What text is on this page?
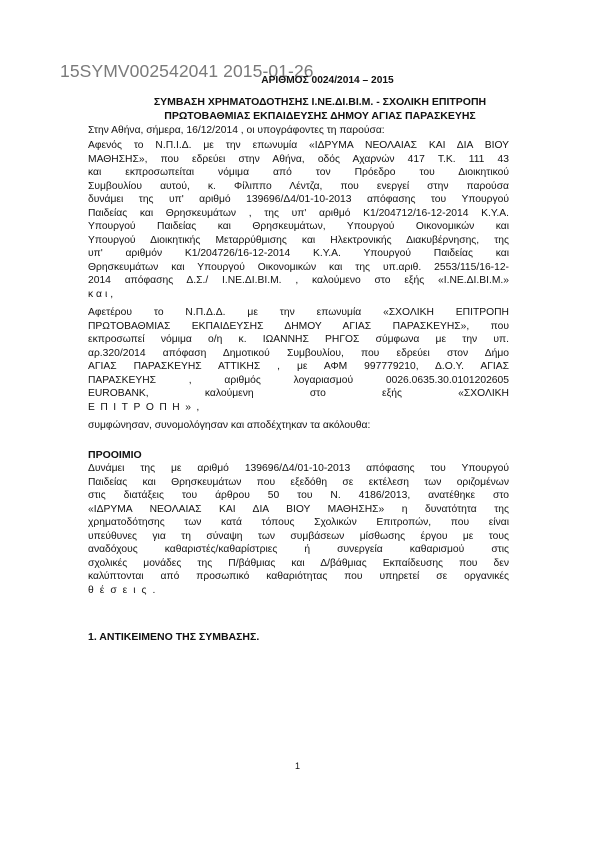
15SYMV002542041 2015-01-26
ΑΡΙΘΜΟΣ 0024/2014 – 2015
ΣΥΜΒΑΣΗ ΧΡΗΜΑΤΟΔΟΤΗΣΗΣ Ι.ΝΕ.ΔΙ.ΒΙ.Μ. - ΣΧΟΛΙΚΗ ΕΠΙΤΡΟΠΗ
ΠΡΩΤΟΒΑΘΜΙΑΣ ΕΚΠΑΙΔΕΥΣΗΣ ΔΗΜΟΥ ΑΓΙΑΣ ΠΑΡΑΣΚΕΥΗΣ
Στην Αθήνα, σήμερα, 16/12/2014 , οι υπογράφοντες τη παρούσα:
Αφενός το Ν.Π.Ι.Δ. με την επωνυμία «ΙΔΡΥΜΑ ΝΕΟΛΑΙΑΣ ΚΑΙ ΔΙΑ ΒΙΟΥ
ΜΑΘΗΣΗΣ», που εδρεύει στην Αθήνα, οδός Αχαρνών 417 Τ.Κ. 111 43
και εκπροσωπείται νόμιμα από τον Πρόεδρο του Διοικητικού
Συμβουλίου αυτού, κ. Φίλιππο Λέντζα, που ενεργεί στην παρούσα
δυνάμει της υπ' αριθμό 139696/Δ4/01-10-2013 απόφασης του Υπουργού
Παιδείας και Θρησκευμάτων , της υπ' αριθμό Κ1/204712/16-12-2014 Κ.Υ.Α.
Υπουργού Παιδείας και Θρησκευμάτων, Υπουργού Οικονομικών και
Υπουργού Διοικητικής Μεταρρύθμισης και Ηλεκτρονικής Διακυβέρνησης, της
υπ' αριθμόν Κ1/204726/16-12-2014 Κ.Υ.Α. Υπουργού Παιδείας και
Θρησκευμάτων και Υπουργού Οικονομικών και της υπ.αριθ. 2553/115/16-12-
2014 απόφασης Δ.Σ./ Ι.ΝΕ.ΔΙ.ΒΙ.Μ. , καλούμενο στο εξής «Ι.ΝΕ.ΔΙ.ΒΙ.Μ.»
και,
Αφετέρου το Ν.Π.Δ.Δ. με την επωνυμία «ΣΧΟΛΙΚΗ ΕΠΙΤΡΟΠΗ
ΠΡΩΤΟΒΑΘΜΙΑΣ ΕΚΠΑΙΔΕΥΣΗΣ ΔΗΜΟΥ ΑΓΙΑΣ ΠΑΡΑΣΚΕΥΗΣ», που
εκπροσωπεί νόμιμα ο/η κ. ΙΩΑΝΝΗΣ ΡΗΓΟΣ σύμφωνα με την υπ.
αρ.320/2014 απόφαση Δημοτικού Συμβουλίου, που εδρεύει στον Δήμο
ΑΓΙΑΣ ΠΑΡΑΣΚΕΥΗΣ ΑΤΤΙΚΗΣ , με ΑΦΜ 997779210, Δ.Ο.Υ. ΑΓΙΑΣ
ΠΑΡΑΣΚΕΥΗΣ , αριθμός λογαριασμού 0026.0635.30.0101202605
EUROBANK, καλούμενη στο εξής «ΣΧΟΛΙΚΗ
ΕΠΙΤΡΟΠΗ»,
συμφώνησαν, συνομολόγησαν και αποδέχτηκαν τα ακόλουθα:
ΠΡΟΟΙΜΙΟ
Δυνάμει της με αριθμό 139696/Δ4/01-10-2013 απόφασης του Υπουργού
Παιδείας και Θρησκευμάτων που εξεδόθη σε εκτέλεση των οριζομένων
στις διατάξεις του άρθρου 50 του Ν. 4186/2013, ανατέθηκε στο
«ΙΔΡΥΜΑ ΝΕΟΛΑΙΑΣ ΚΑΙ ΔΙΑ ΒΙΟΥ ΜΑΘΗΣΗΣ» η δυνατότητα της
χρηματοδότησης των κατά τόπους Σχολικών Επιτροπών, που είναι
υπεύθυνες για τη σύναψη των συμβάσεων μίσθωσης έργου με τους
αναδόχους καθαριστές/καθαρίστριες ή συνεργεία καθαρισμού στις
σχολικές μονάδες της Π/βάθμιας και Δ/βάθμιας Εκπαίδευσης που δεν
καλύπτονται από προσωπικό καθαριότητας που υπηρετεί σε οργανικές
θέσεις.
1. ΑΝΤΙΚΕΙΜΕΝΟ ΤΗΣ ΣΥΜΒΑΣΗΣ.
1
